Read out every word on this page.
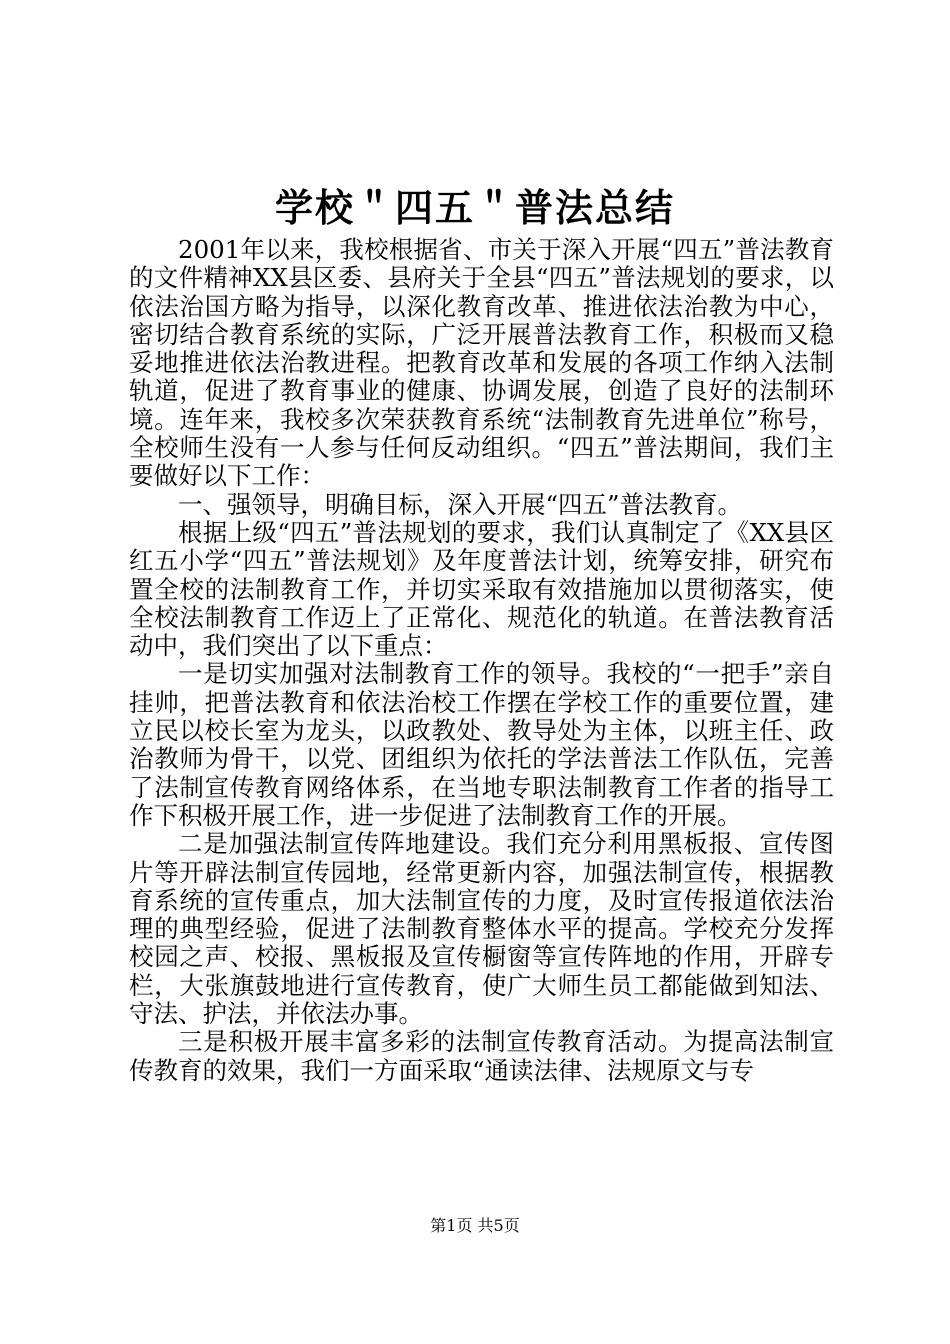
学校＂四五＂普法总结

2001年以来，我校根据省、市关于深入开展“四五”普法教育的文件精神XX县区委、县府关于全县“四五”普法规划的要求，以依法治国方略为指导，以深化教育改革、推进依法治教为中心，密切结合教育系统的实际，广泛开展普法教育工作，积极而又稳妥地推进依法治教进程。把教育改革和发展的各项工作纳入法制轨道，促进了教育事业的健康、协调发展，创造了良好的法制环境。连年来，我校多次荣获教育系统“法制教育先进单位”称号，全校师生没有一人参与任何反动组织。“四五”普法期间，我们主要做好以下工作：

一、强领导，明确目标，深入开展“四五”普法教育。

根据上级“四五”普法规划的要求，我们认真制定了《XX县区红五小学“四五”普法规划》及年度普法计划，统筹安排，研究布置全校的法制教育工作，并切实采取有效措施加以贯彻落实，使全校法制教育工作迈上了正常化、规范化的轨道。在普法教育活动中，我们突出了以下重点：

一是切实加强对法制教育工作的领导。我校的“一把手”亲自挂帅，把普法教育和依法治校工作摆在学校工作的重要位置，建立民以校长室为龙头，以政教处、教导处为主体，以班主任、政治教师为骨干，以党、团组织为依托的学法普法工作队伍，完善了法制宣传教育网络体系，在当地专职法制教育工作者的指导工作下积极开展工作，进一步促进了法制教育工作的开展。

二是加强法制宣传阵地建设。我们充分利用黑板报、宣传图片等开辟法制宣传园地，经常更新内容，加强法制宣传，根据教育系统的宣传重点，加大法制宣传的力度，及时宣传报道依法治理的典型经验，促进了法制教育整体水平的提高。学校充分发挥校园之声、校报、黑板报及宣传橱窗等宣传阵地的作用，开辟专栏，大张旗鼓地进行宣传教育，使广大师生员工都能做到知法、守法、护法，并依法办事。

三是积极开展丰富多彩的法制宣传教育活动。为提高法制宣传教育的效果，我们一方面采取“通读法律、法规原文与专

第1页 共5页
